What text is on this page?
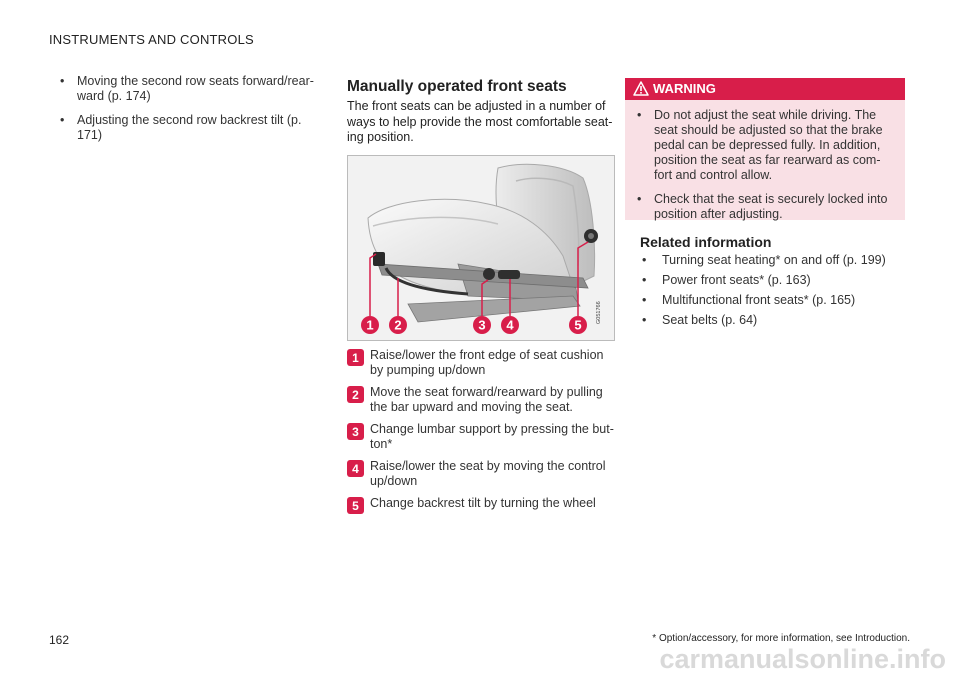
INSTRUMENTS AND CONTROLS
• Moving the second row seats forward/rear-ward (p. 174)
• Adjusting the second row backrest tilt (p. 171)
Manually operated front seats

The front seats can be adjusted in a number of ways to help provide the most comfortable seat-ing position.

1 2	3 4	5
G051766
1 Raise/lower the front edge of seat cushion by pumping up/down
2 Move the seat forward/rearward by pulling the bar upward and moving the seat.
3 Change lumbar support by pressing the but-ton*
4 Raise/lower the seat by moving the control up/down
5 Change backrest tilt by turning the wheel
WARNING
• Do not adjust the seat while driving. The seat should be adjusted so that the brake pedal can be depressed fully. In addition, position the seat as far rearward as com-fort and control allow.
• Check that the seat is securely locked into position after adjusting.
Related information
• Turning seat heating* on and off (p. 199)
• Power front seats* (p. 163)
• Multifunctional front seats* (p. 165)
• Seat belts (p. 64)
162	* Option/accessory, for more information, see Introduction.
carmanualsonline.info
